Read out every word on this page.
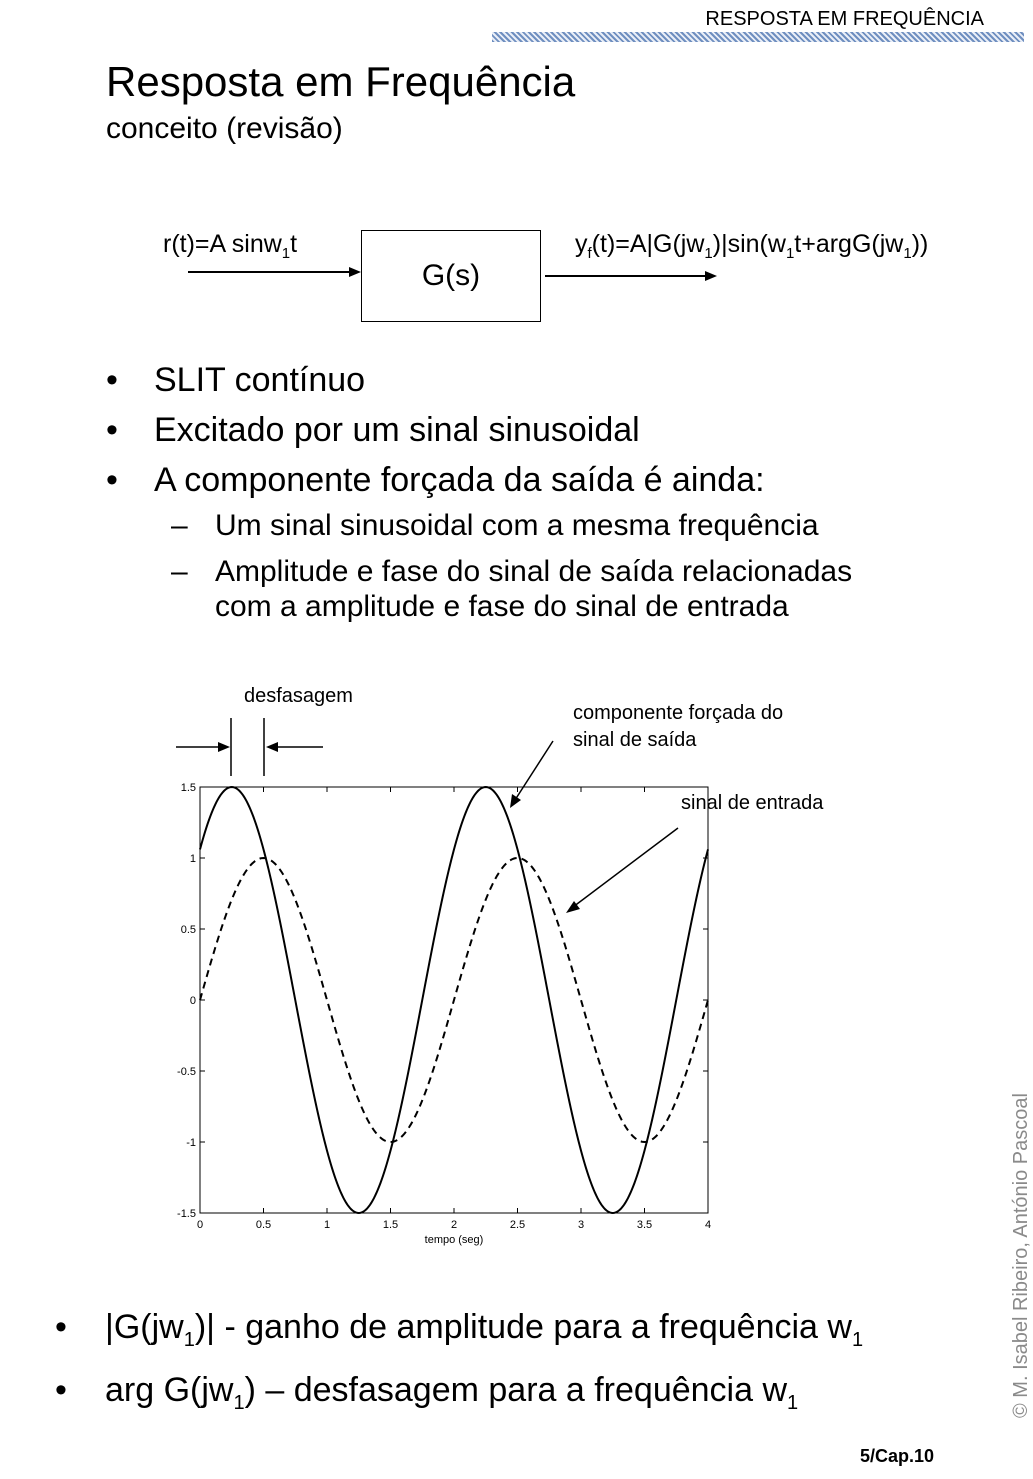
RESPOSTA EM FREQUÊNCIA
Resposta em Frequência
conceito (revisão)
r(t)=A sinw$_1$t
G(s)
$y_f(t)=A|G(jw_1)|\sin(w_1t+argG(jw_1))$
• SLIT contínuo
• Excitado por um sinal sinusoidal
• A componente forçada da saída é ainda:
– Um sinal sinusoidal com a mesma frequência
– Amplitude e fase do sinal de saída relacionadas
com a amplitude e fase do sinal de entrada
desfasagem
componente forçada do
sinal de saída
sinal de entrada
0	0.5	1	1.5	2	2.5	3	3.5	4
1.5
1
0.5
0
-0.5
-1
-1.5
tempo (seg)
• $|G(jw_1)|$ - ganho de amplitude para a frequência $w_1$
• arg $G(jw_1)$ – desfasagem para a frequência $w_1$	© M. Isabel Ribeiro, António Pascoal
5/Cap.10
